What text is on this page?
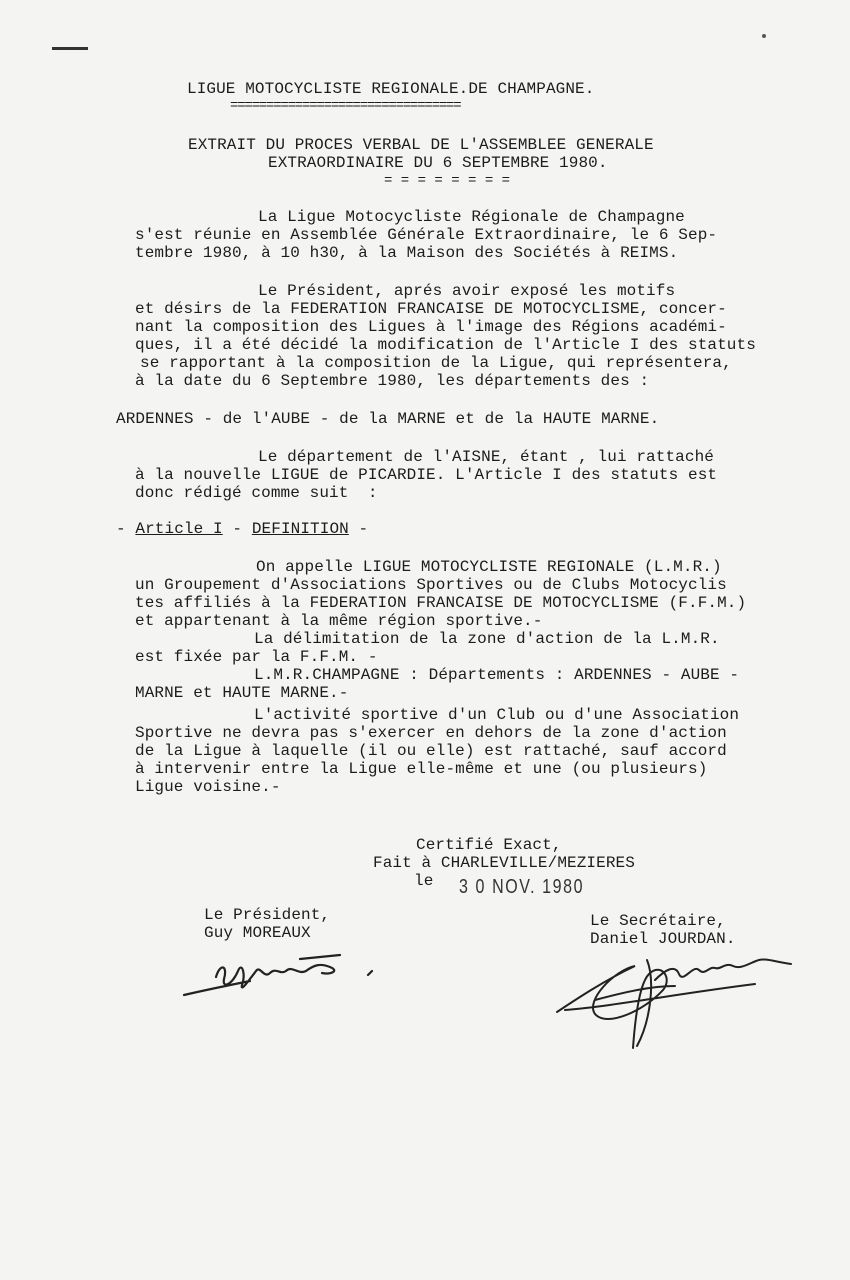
LIGUE MOTOCYCLISTE REGIONALE.DE CHAMPAGNE.
================================
EXTRAIT DU PROCES VERBAL DE L'ASSEMBLEE GENERALE
EXTRAORDINAIRE DU 6 SEPTEMBRE 1980.
= = = = = = = =
La Ligue Motocycliste Régionale de Champagne
s'est réunie en Assemblée Générale Extraordinaire, le 6 Sep-
tembre 1980, à 10 h30, à la Maison des Sociétés à REIMS.
Le Président, aprés avoir exposé les motifs
et désirs de la FEDERATION FRANCAISE DE MOTOCYCLISME, concer-
nant la composition des Ligues à l'image des Régions académi-
ques, il a été décidé la modification de l'Article I des statuts
se rapportant à la composition de la Ligue, qui représentera,
à la date du 6 Septembre 1980, les départements des :
ARDENNES - de l'AUBE - de la MARNE et de la HAUTE MARNE.
Le département de l'AISNE, étant , lui rattaché
à la nouvelle LIGUE de PICARDIE. L'Article I des statuts est
donc rédigé comme suit  :
- Article I - DEFINITION -
On appelle LIGUE MOTOCYCLISTE REGIONALE (L.M.R.)
un Groupement d'Associations Sportives ou de Clubs Motocyclis
tes affiliés à la FEDERATION FRANCAISE DE MOTOCYCLISME (F.F.M.)
et appartenant à la même région sportive.-
La délimitation de la zone d'action de la L.M.R.
est fixée par la F.F.M. -
L.M.R.CHAMPAGNE : Départements : ARDENNES - AUBE -
MARNE et HAUTE MARNE.-
L'activité sportive d'un Club ou d'une Association
Sportive ne devra pas s'exercer en dehors de la zone d'action
de la Ligue à laquelle (il ou elle) est rattaché, sauf accord
à intervenir entre la Ligue elle-même et une (ou plusieurs)
Ligue voisine.-
Certifié Exact,
Fait à CHARLEVILLE/MEZIERES
le 3 0 NOV. 1980
Le Président,
Guy MOREAUX
Le Secrétaire,
Daniel JOURDAN.
